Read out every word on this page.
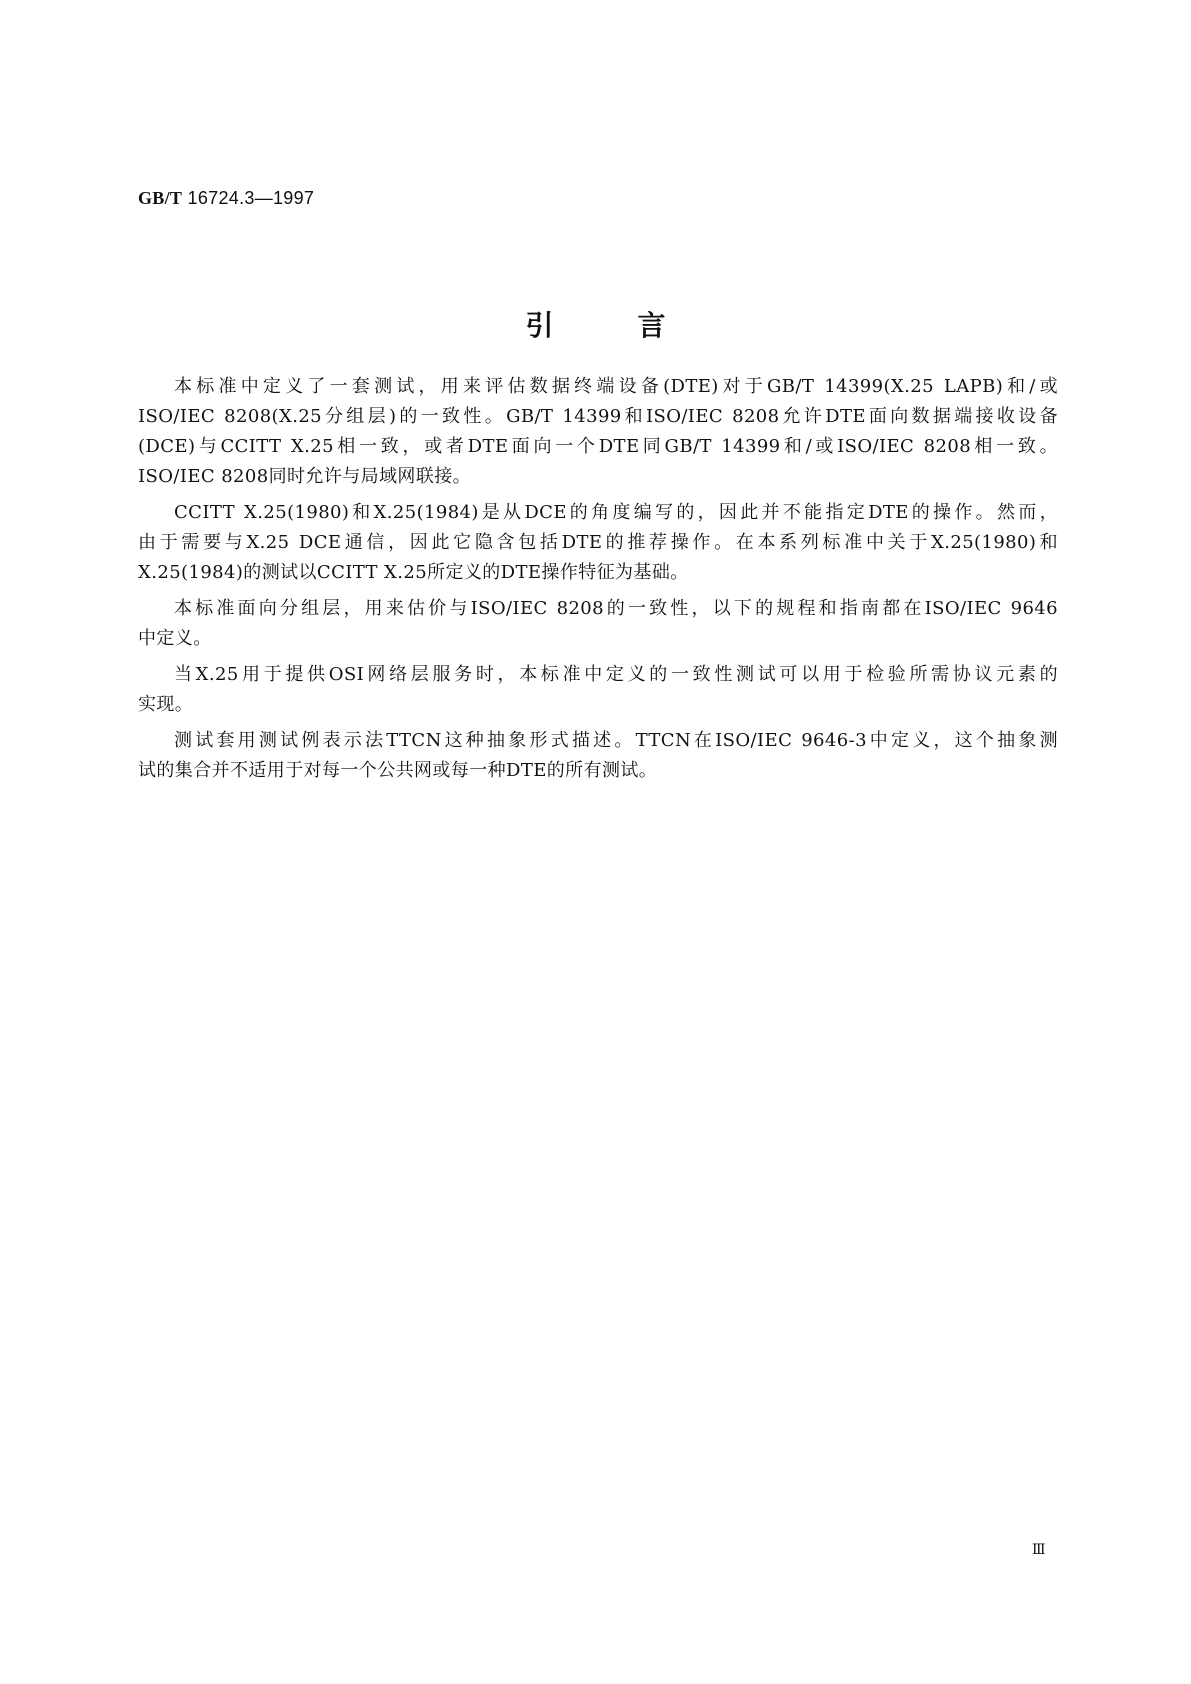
GB/T 16724.3—1997
引言
本标准中定义了一套测试，用来评估数据终端设备(DTE)对于GB/T 14399(X.25 LAPB)和/或
ISO/IEC 8208(X.25分组层)的一致性。GB/T 14399和ISO/IEC 8208允许DTE面向数据端接收设备
(DCE)与CCITT X.25相一致，或者DTE面向一个DTE同GB/T 14399和/或ISO/IEC 8208相一致。
ISO/IEC 8208同时允许与局域网联接。
CCITT X.25(1980)和X.25(1984)是从DCE的角度编写的，因此并不能指定DTE的操作。然而，
由于需要与X.25 DCE通信，因此它隐含包括DTE的推荐操作。在本系列标准中关于X.25(1980)和
X.25(1984)的测试以CCITT X.25所定义的DTE操作特征为基础。
本标准面向分组层，用来估价与ISO/IEC 8208的一致性，以下的规程和指南都在ISO/IEC 9646
中定义。
当X.25用于提供OSI网络层服务时，本标准中定义的一致性测试可以用于检验所需协议元素的
实现。
测试套用测试例表示法TTCN这种抽象形式描述。TTCN在ISO/IEC 9646-3中定义，这个抽象测
试的集合并不适用于对每一个公共网或每一种DTE的所有测试。
Ⅲ
